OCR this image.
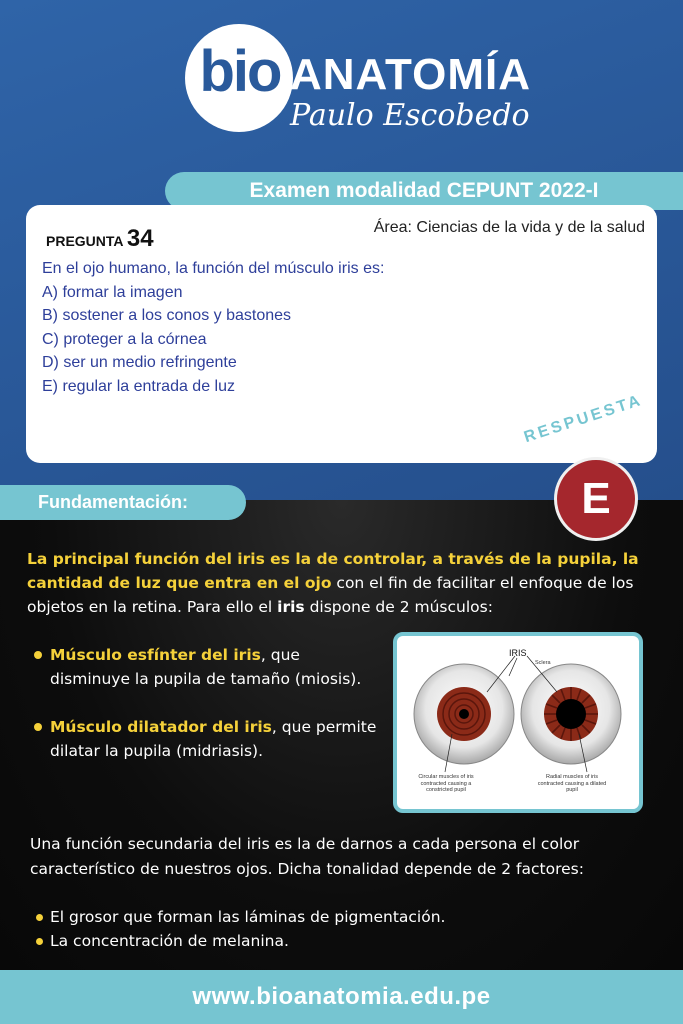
bio ANATOMÍA
Paulo Escobedo
Examen modalidad CEPUNT 2022-I
PREGUNTA 34	Área: Ciencias de la vida y de la salud
En el ojo humano, la función del músculo iris es:
A) formar la imagen
B) sostener a los conos y bastones
C) proteger a la córnea
D) ser un medio refringente
E) regular la entrada de luz
RESPUESTA
E
Fundamentación:
La principal función del iris es la de controlar, a través de la pupila, la cantidad de luz que entra en el ojo con el fin de facilitar el enfoque de los objetos en la retina. Para ello el iris dispone de 2 músculos:
Músculo esfínter del iris, que disminuye la pupila de tamaño (miosis).
Músculo dilatador del iris, que permite dilatar la pupila (midriasis).
IRIS
Sclera
Circular muscles of iris contracted causing a constricted pupil
Radial muscles of iris contracted causing a dilated pupil
Una función secundaria del iris es la de darnos a cada persona el color característico de nuestros ojos. Dicha tonalidad depende de 2 factores:
El grosor que forman las láminas de pigmentación.
La concentración de melanina.
www.bioanatomia.edu.pe
